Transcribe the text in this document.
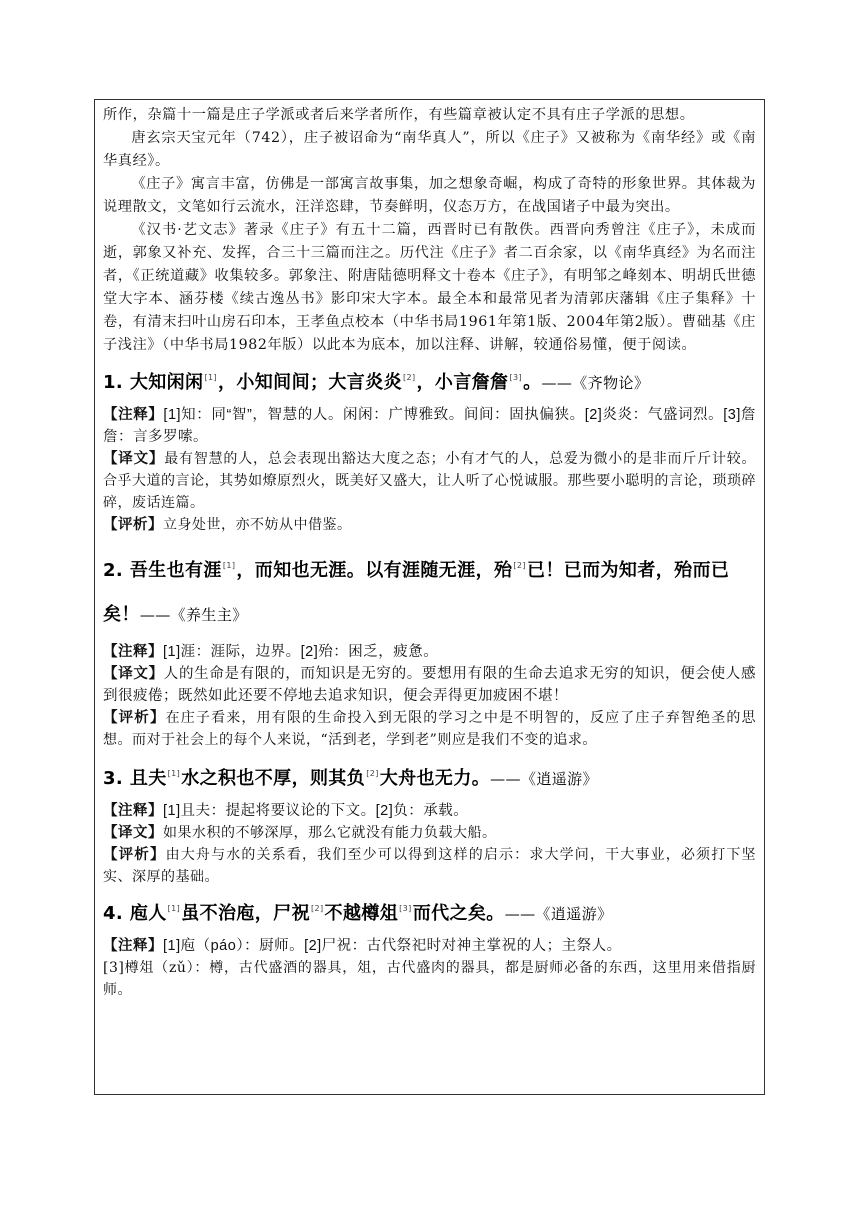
所作，杂篇十一篇是庄子学派或者后来学者所作，有些篇章被认定不具有庄子学派的思想。

唐玄宗天宝元年（742），庄子被诏命为“南华真人”，所以《庄子》又被称为《南华经》或《南华真经》。

《庄子》寓言丰富，仿佛是一部寓言故事集，加之想象奇崛，构成了奇特的形象世界。其体裁为说理散文，文笔如行云流水，汪洋恣肆，节奏鲜明，仪态万方，在战国诸子中最为突出。

《汉书·艺文志》著录《庄子》有五十二篇，西晋时已有散佚。西晋向秀曾注《庄子》，未成而逝，郭象又补充、发挥，合三十三篇而注之。历代注《庄子》者二百余家，以《南华真经》为名而注者，《正统道藏》收集较多。郭象注、附唐陆德明释文十卷本《庄子》，有明邹之峰刻本、明胡氏世德堂大字本、涵芬楼《续古逸丛书》影印宋大字本。最全本和最常见者为清郭庆藩辑《庄子集释》十卷，有清末扫叶山房石印本，王孝鱼点校本（中华书局1961年第1版、2004年第2版）。曹础基《庄子浅注》（中华书局1982年版）以此本为底本，加以注释、讲解，较通俗易懂，便于阅读。

1. 大知闲闲[1]，小知间间；大言炎炎[2]，小言詹詹[3]。——《齐物论》

【注释】[1]知：同“智”，智慧的人。闲闲：广博雅致。间间：固执偏狭。[2]炎炎：气盛词烈。[3]詹詹：言多罗嗦。

【译文】最有智慧的人，总会表现出豁达大度之态；小有才气的人，总爱为微小的是非而斤斤计较。合乎大道的言论，其势如燎原烈火，既美好又盛大，让人听了心悦诚服。那些要小聪明的言论，琐琐碎碎，废话连篇。

【评析】立身处世，亦不妨从中借鉴。

2. 吾生也有涯[1]，而知也无涯。以有涯随无涯，殆[2]已！已而为知者，殆而已矣！——《养生主》

【注释】[1]涯：涯际，边界。[2]殆：困乏，疲惫。

【译文】人的生命是有限的，而知识是无穷的。要想用有限的生命去追求无穷的知识，便会使人感到很疲倦；既然如此还要不停地去追求知识，便会弄得更加疲困不堪！

【评析】在庄子看来，用有限的生命投入到无限的学习之中是不明智的，反应了庄子弃智绝圣的思想。而对于社会上的每个人来说，“活到老，学到老”则应是我们不变的追求。

3. 且夫[1]水之积也不厚，则其负[2]大舟也无力。——《逍遥游》

【注释】[1]且夫：提起将要议论的下文。[2]负：承载。

【译文】如果水积的不够深厚，那么它就没有能力负载大船。

【评析】由大舟与水的关系看，我们至少可以得到这样的启示：求大学问，干大事业，必须打下坚实、深厚的基础。

4. 庖人[1]虽不治庖，尸祝[2]不越樽俎[3]而代之矣。——《逍遥游》

【注释】[1]庖（páo）：厨师。[2]尸祝：古代祭祀时对神主掌祝的人；主祭人。

[3]樽俎（zǔ）：樽，古代盛酒的器具，俎，古代盛肉的器具，都是厨师必备的东西，这里用来借指厨师。
